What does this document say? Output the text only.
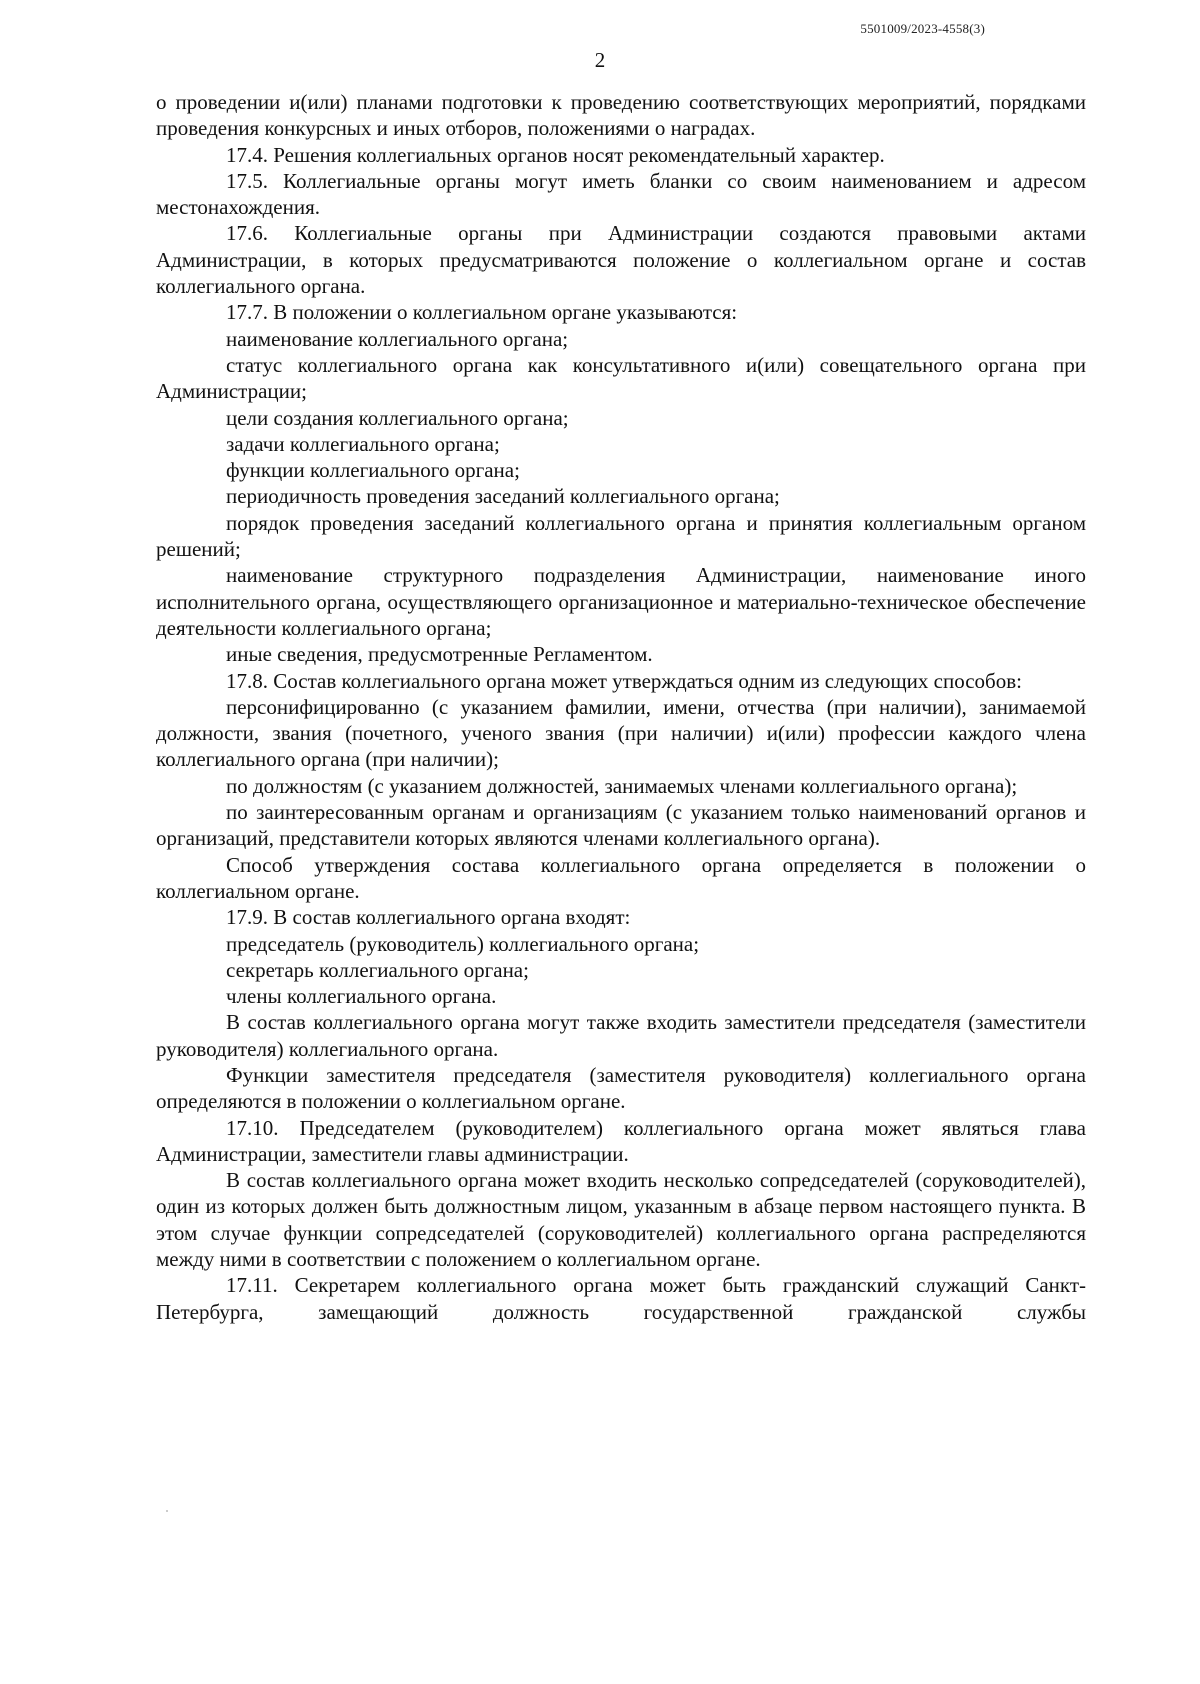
5501009/2023-4558(3)
2

о проведении и(или) планами подготовки к проведению соответствующих мероприятий, порядками проведения конкурсных и иных отборов, положениями о наградах.

17.4. Решения коллегиальных органов носят рекомендательный характер.

17.5. Коллегиальные органы могут иметь бланки со своим наименованием и адресом местонахождения.

17.6. Коллегиальные органы при Администрации создаются правовыми актами Администрации, в которых предусматриваются положение о коллегиальном органе и состав коллегиального органа.

17.7. В положении о коллегиальном органе указываются:

наименование коллегиального органа;

статус коллегиального органа как консультативного и(или) совещательного органа при Администрации;

цели создания коллегиального органа;

задачи коллегиального органа;

функции коллегиального органа;

периодичность проведения заседаний коллегиального органа;

порядок проведения заседаний коллегиального органа и принятия коллегиальным органом решений;

наименование структурного подразделения Администрации, наименование иного исполнительного органа, осуществляющего организационное и материально-техническое обеспечение деятельности коллегиального органа;

иные сведения, предусмотренные Регламентом.

17.8. Состав коллегиального органа может утверждаться одним из следующих способов:

персонифицированно (с указанием фамилии, имени, отчества (при наличии), занимаемой должности, звания (почетного, ученого звания (при наличии) и(или) профессии каждого члена коллегиального органа (при наличии);

по должностям (с указанием должностей, занимаемых членами коллегиального органа);

по заинтересованным органам и организациям (с указанием только наименований органов и организаций, представители которых являются членами коллегиального органа).

Способ утверждения состава коллегиального органа определяется в положении о коллегиальном органе.

17.9. В состав коллегиального органа входят:

председатель (руководитель) коллегиального органа;

секретарь коллегиального органа;

члены коллегиального органа.

В состав коллегиального органа могут также входить заместители председателя (заместители руководителя) коллегиального органа.

Функции заместителя председателя (заместителя руководителя) коллегиального органа определяются в положении о коллегиальном органе.

17.10. Председателем (руководителем) коллегиального органа может являться глава Администрации, заместители главы администрации.

В состав коллегиального органа может входить несколько сопредседателей (соруководителей), один из которых должен быть должностным лицом, указанным в абзаце первом настоящего пункта. В этом случае функции сопредседателей (соруководителей) коллегиального органа распределяются между ними в соответствии с положением о коллегиальном органе.

17.11. Секретарем коллегиального органа может быть гражданский служащий Санкт-Петербурга, замещающий должность государственной гражданской службы
